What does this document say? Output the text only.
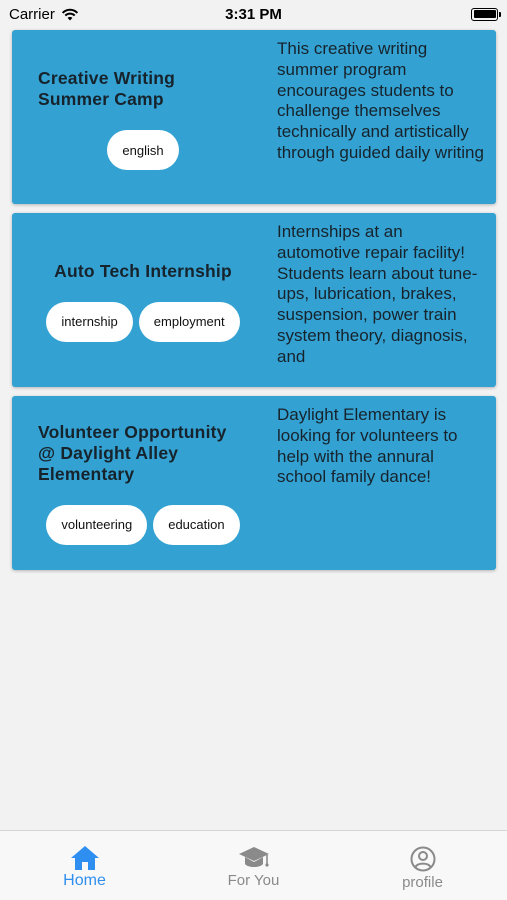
Carrier	3:31 PM
Creative Writing Summer Camp
english
This creative writing summer program encourages students to challenge themselves technically and artistically through guided daily writing
Auto Tech Internship
internship	employment
Internships at an automotive repair facility! Students learn about tune-ups, lubrication, brakes, suspension, power train system theory, diagnosis, and
Volunteer Opportunity @ Daylight Alley Elementary
volunteering	education
Daylight Elementary is looking for volunteers to help with the annural school family dance!
Home	For You	profile
